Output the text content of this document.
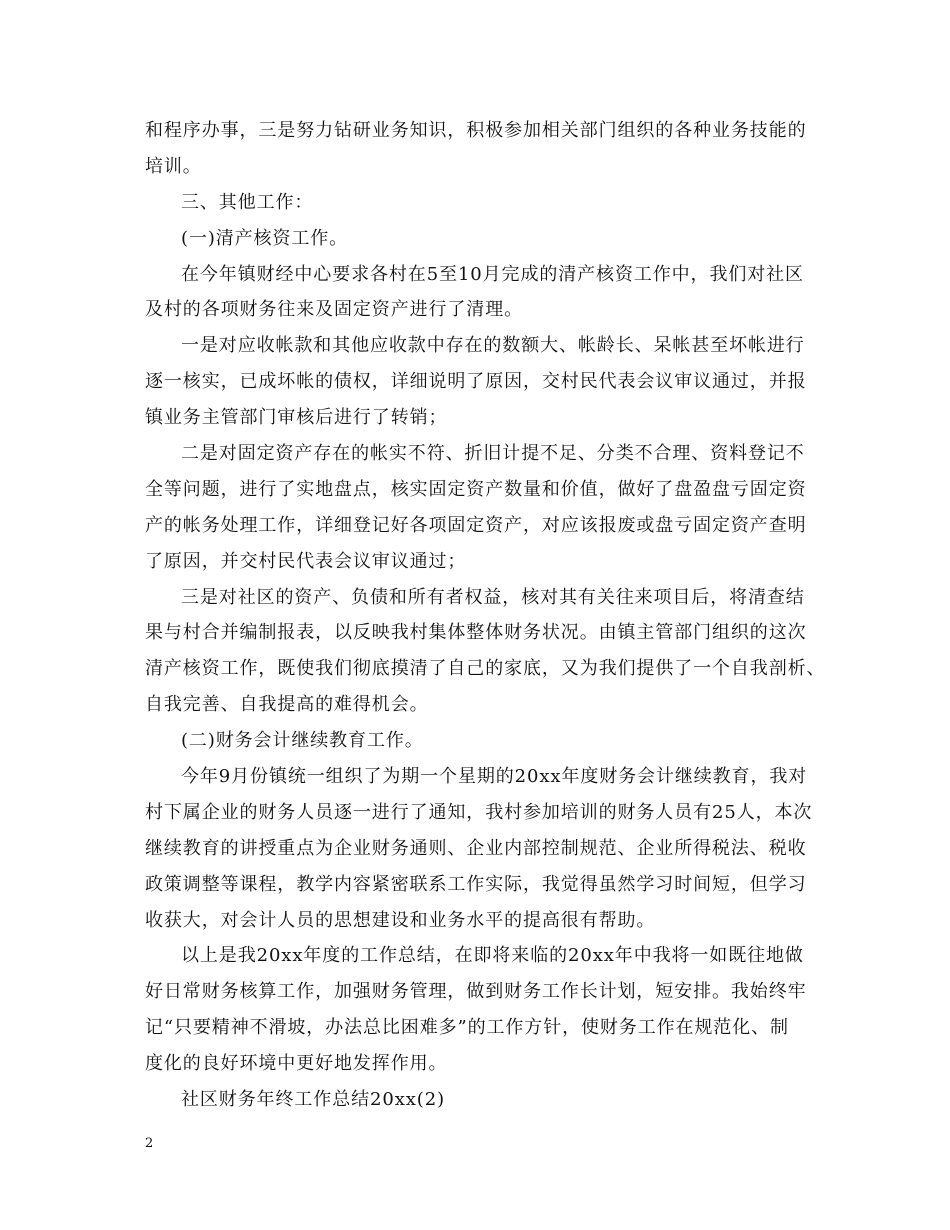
和程序办事，三是努力钻研业务知识，积极参加相关部门组织的各种业务技能的
培训。
三、其他工作：
(一)清产核资工作。
在今年镇财经中心要求各村在5至10月完成的清产核资工作中，我们对社区
及村的各项财务往来及固定资产进行了清理。
一是对应收帐款和其他应收款中存在的数额大、帐龄长、呆帐甚至坏帐进行
逐一核实，已成坏帐的债权，详细说明了原因，交村民代表会议审议通过，并报
镇业务主管部门审核后进行了转销；
二是对固定资产存在的帐实不符、折旧计提不足、分类不合理、资料登记不
全等问题，进行了实地盘点，核实固定资产数量和价值，做好了盘盈盘亏固定资
产的帐务处理工作，详细登记好各项固定资产，对应该报废或盘亏固定资产查明
了原因，并交村民代表会议审议通过；
三是对社区的资产、负债和所有者权益，核对其有关往来项目后，将清查结
果与村合并编制报表，以反映我村集体整体财务状况。由镇主管部门组织的这次
清产核资工作，既使我们彻底摸清了自己的家底，又为我们提供了一个自我剖析、
自我完善、自我提高的难得机会。
(二)财务会计继续教育工作。
今年9月份镇统一组织了为期一个星期的20xx年度财务会计继续教育，我对
村下属企业的财务人员逐一进行了通知，我村参加培训的财务人员有25人，本次
继续教育的讲授重点为企业财务通则、企业内部控制规范、企业所得税法、税收
政策调整等课程，教学内容紧密联系工作实际，我觉得虽然学习时间短，但学习
收获大，对会计人员的思想建设和业务水平的提高很有帮助。
以上是我20xx年度的工作总结，在即将来临的20xx年中我将一如既往地做
好日常财务核算工作，加强财务管理，做到财务工作长计划，短安排。我始终牢
记“只要精神不滑坡，办法总比困难多”的工作方针，使财务工作在规范化、制
度化的良好环境中更好地发挥作用。
社区财务年终工作总结20xx(2)
2
